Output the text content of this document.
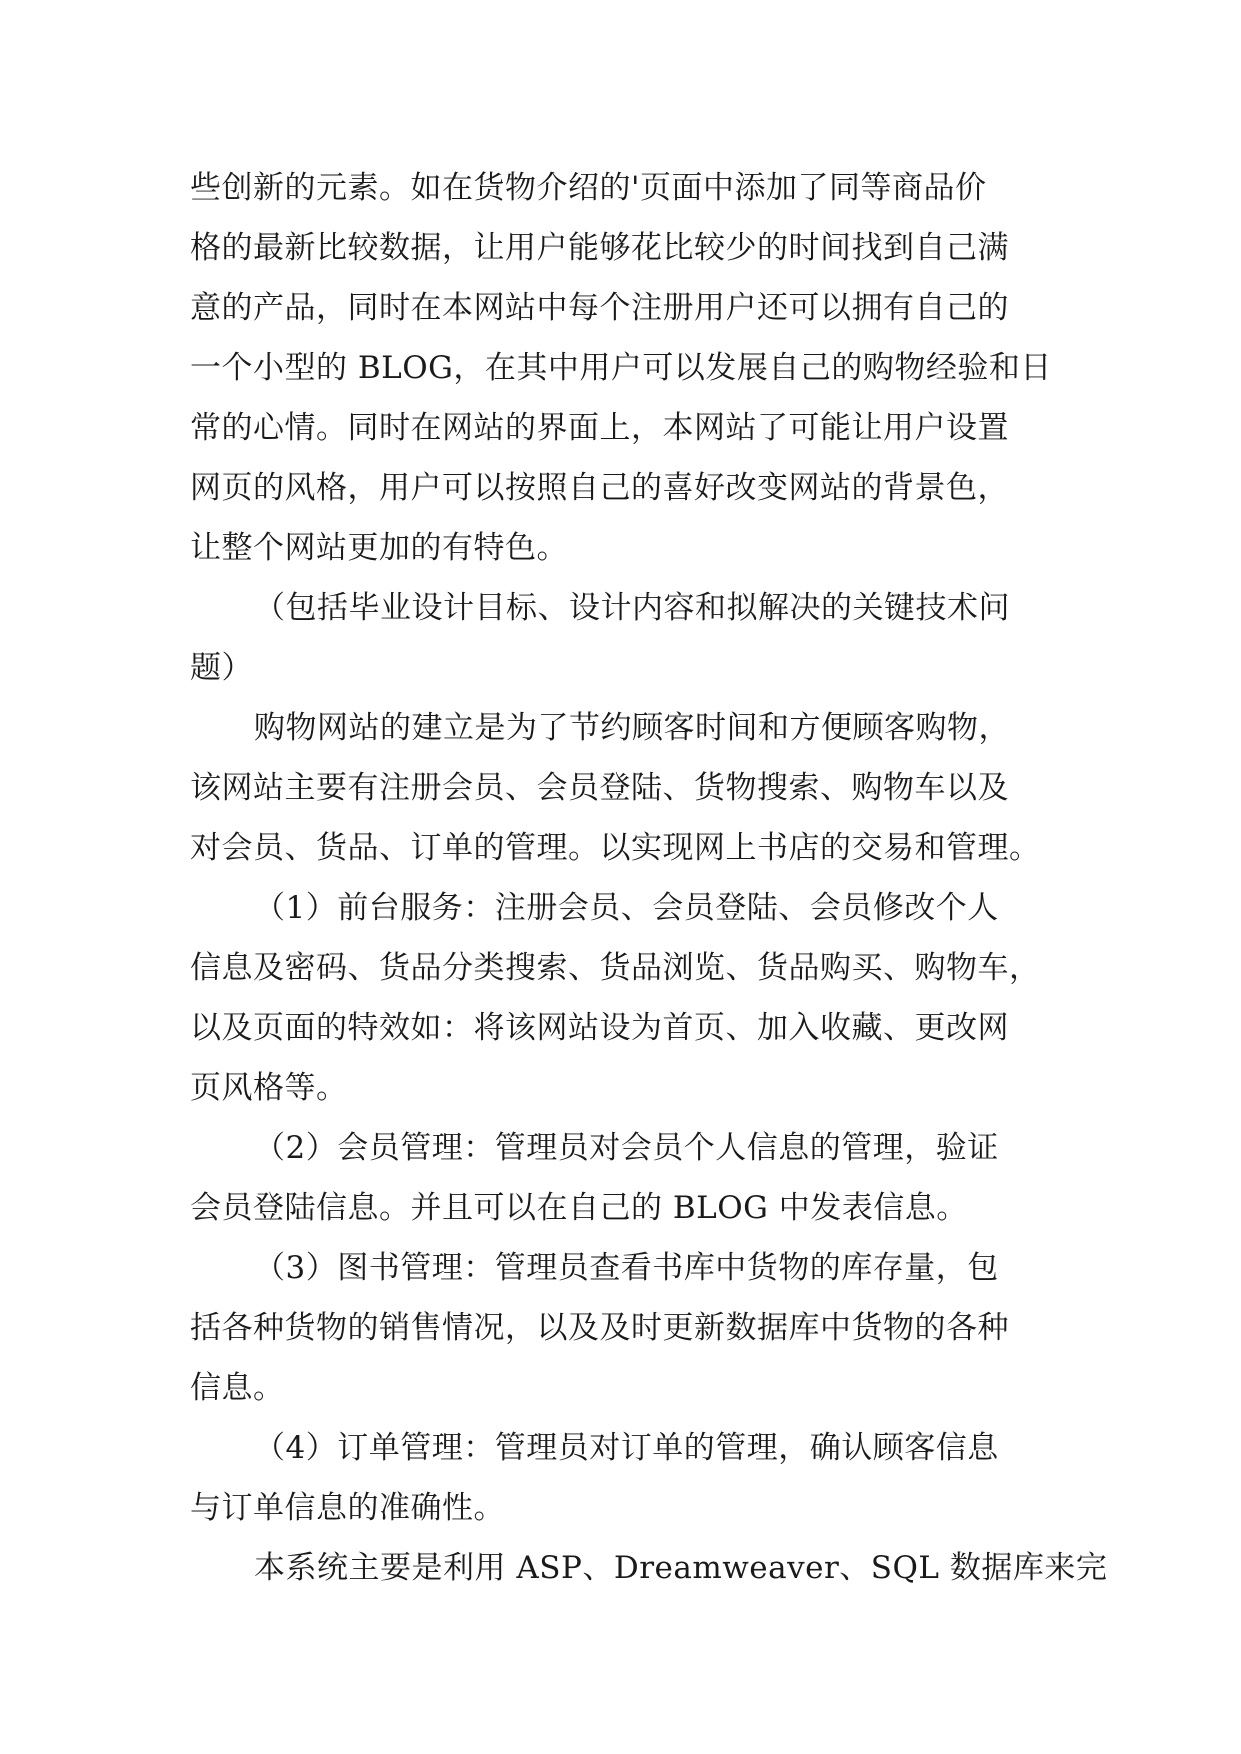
些创新的元素。如在货物介绍的'页面中添加了同等商品价
格的最新比较数据，让用户能够花比较少的时间找到自己满
意的产品，同时在本网站中每个注册用户还可以拥有自己的
一个小型的 BLOG，在其中用户可以发展自己的购物经验和日
常的心情。同时在网站的界面上，本网站了可能让用户设置
网页的风格，用户可以按照自己的喜好改变网站的背景色，
让整个网站更加的有特色。
（包括毕业设计目标、设计内容和拟解决的关键技术问
题）
购物网站的建立是为了节约顾客时间和方便顾客购物，
该网站主要有注册会员、会员登陆、货物搜索、购物车以及
对会员、货品、订单的管理。以实现网上书店的交易和管理。
（1）前台服务：注册会员、会员登陆、会员修改个人
信息及密码、货品分类搜索、货品浏览、货品购买、购物车，
以及页面的特效如：将该网站设为首页、加入收藏、更改网
页风格等。
（2）会员管理：管理员对会员个人信息的管理，验证
会员登陆信息。并且可以在自己的 BLOG 中发表信息。
（3）图书管理：管理员查看书库中货物的库存量，包
括各种货物的销售情况，以及及时更新数据库中货物的各种
信息。
（4）订单管理：管理员对订单的管理，确认顾客信息
与订单信息的准确性。
本系统主要是利用 ASP、Dreamweaver、SQL 数据库来完
